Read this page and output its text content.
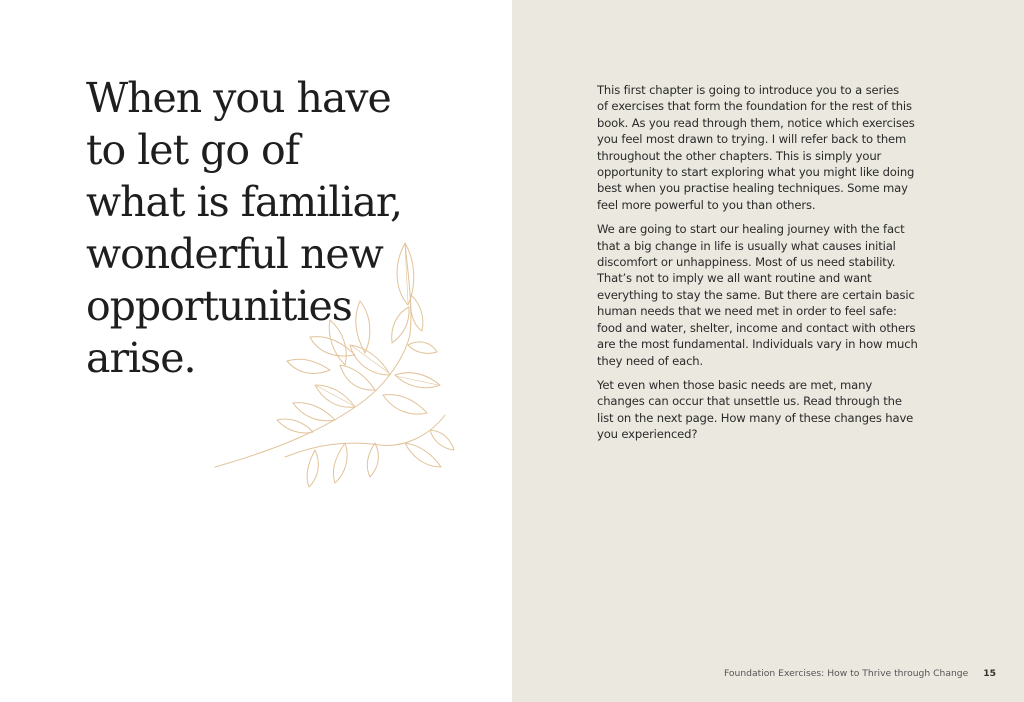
When you have
to let go of
what is familiar,
wonderful new
opportunities
arise.

This first chapter is going to introduce you to a series
of exercises that form the foundation for the rest of this
book. As you read through them, notice which exercises
you feel most drawn to trying. I will refer back to them
throughout the other chapters. This is simply your
opportunity to start exploring what you might like doing
best when you practise healing techniques. Some may
feel more powerful to you than others.

We are going to start our healing journey with the fact
that a big change in life is usually what causes initial
discomfort or unhappiness. Most of us need stability.
That’s not to imply we all want routine and want
everything to stay the same. But there are certain basic
human needs that we need met in order to feel safe:
food and water, shelter, income and contact with others
are the most fundamental. Individuals vary in how much
they need of each.

Yet even when those basic needs are met, many
changes can occur that unsettle us. Read through the
list on the next page. How many of these changes have
you experienced?

Foundation Exercises: How to Thrive through Change 15
